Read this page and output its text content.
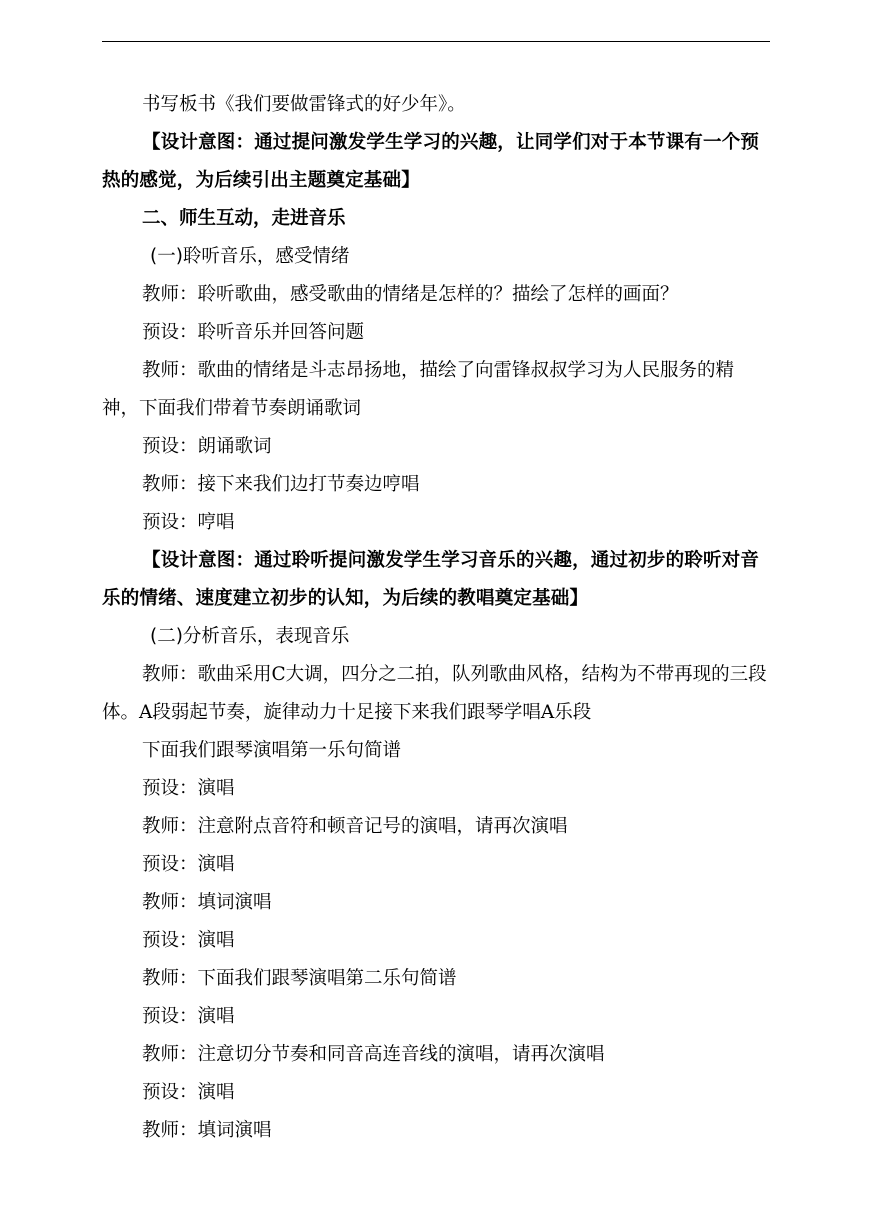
书写板书《我们要做雷锋式的好少年》。

【设计意图：通过提问激发学生学习的兴趣，让同学们对于本节课有一个预热的感觉，为后续引出主题奠定基础】

二、师生互动，走进音乐

(一)聆听音乐，感受情绪

教师：聆听歌曲，感受歌曲的情绪是怎样的？描绘了怎样的画面？

预设：聆听音乐并回答问题

教师：歌曲的情绪是斗志昂扬地，描绘了向雷锋叔叔学习为人民服务的精神，下面我们带着节奏朗诵歌词

预设：朗诵歌词

教师：接下来我们边打节奏边哼唱

预设：哼唱

【设计意图：通过聆听提问激发学生学习音乐的兴趣，通过初步的聆听对音乐的情绪、速度建立初步的认知，为后续的教唱奠定基础】

(二)分析音乐，表现音乐

教师：歌曲采用C大调，四分之二拍，队列歌曲风格，结构为不带再现的三段体。A段弱起节奏，旋律动力十足接下来我们跟琴学唱A乐段

下面我们跟琴演唱第一乐句简谱

预设：演唱

教师：注意附点音符和顿音记号的演唱，请再次演唱

预设：演唱

教师：填词演唱

预设：演唱

教师：下面我们跟琴演唱第二乐句简谱

预设：演唱

教师：注意切分节奏和同音高连音线的演唱，请再次演唱

预设：演唱

教师：填词演唱
